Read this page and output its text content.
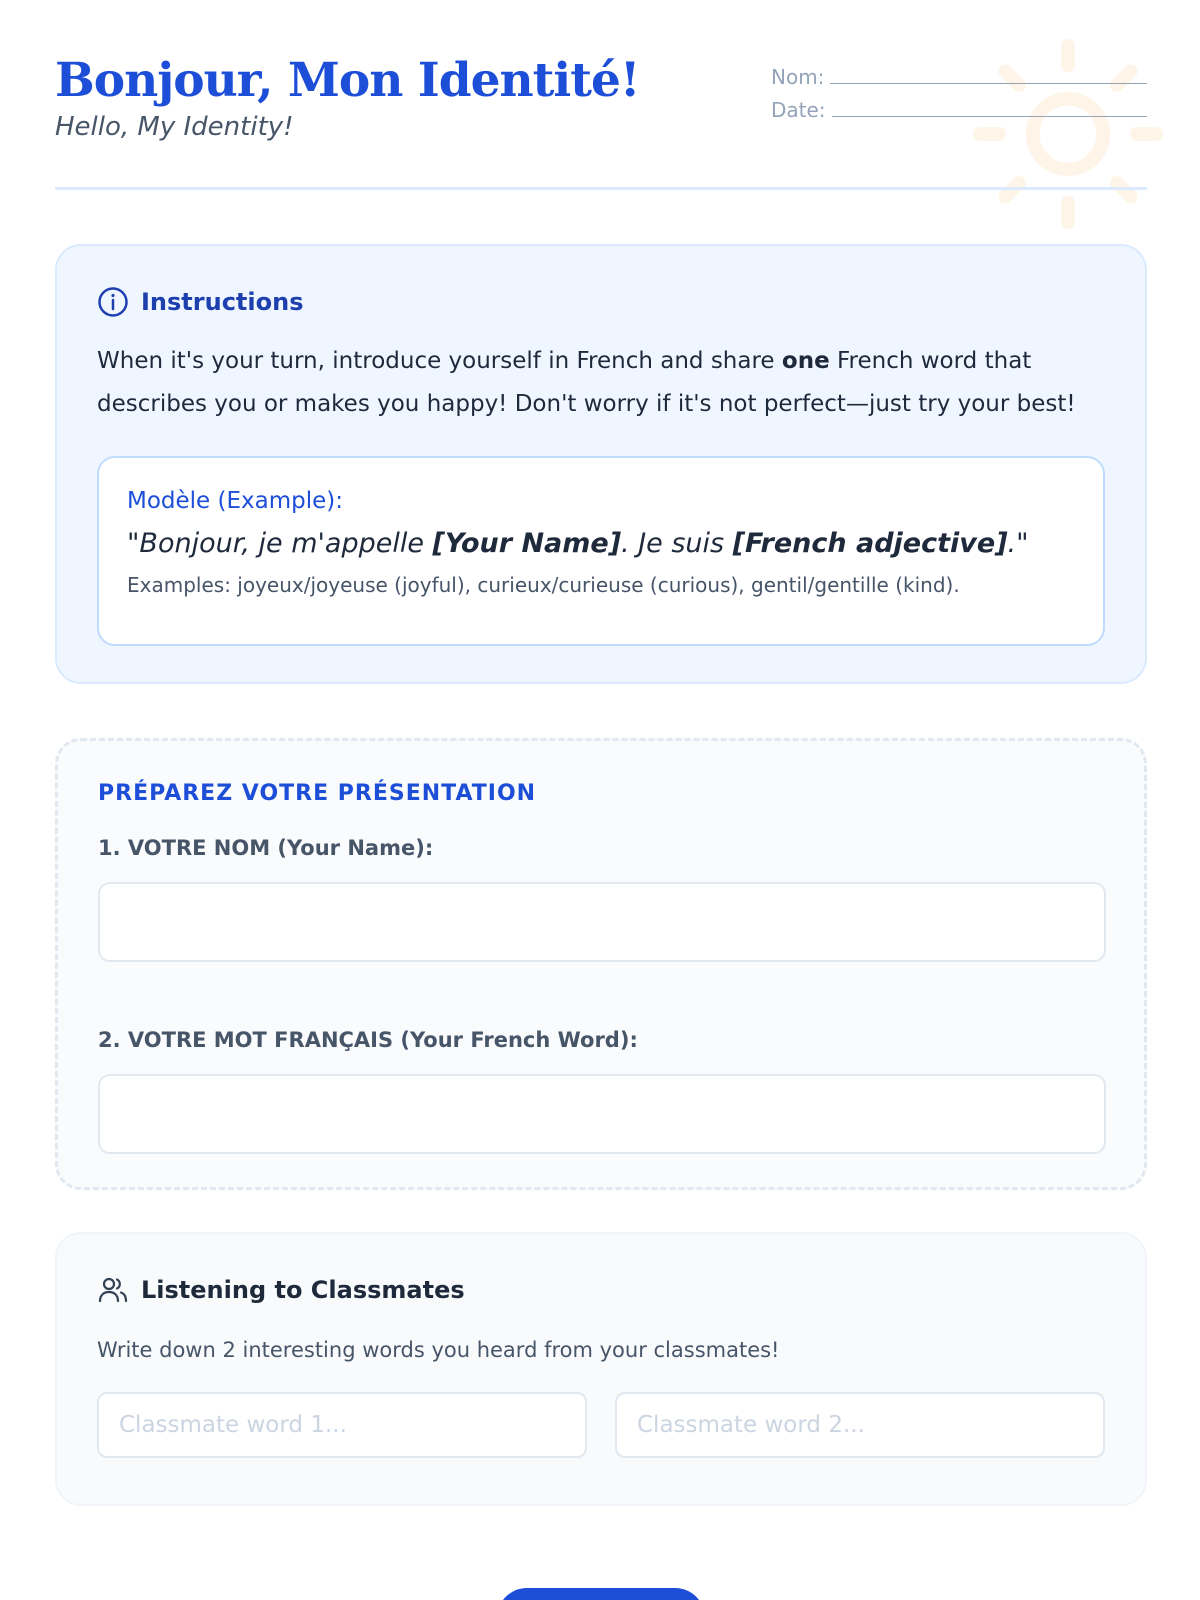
Bonjour, Mon Identité!
Hello, My Identity!
Nom:
Date:
Instructions

When it's your turn, introduce yourself in French and share one French word that describes you or makes you happy! Don't worry if it's not perfect—just try your best!

Modèle (Example):
"Bonjour, je m'appelle [Your Name]. Je suis [French adjective]."
Examples: joyeux/joyeuse (joyful), curieux/curieuse (curious), gentil/gentille (kind).
PRÉPAREZ VOTRE PRÉSENTATION
1. VOTRE NOM (Your Name):
2. VOTRE MOT FRANÇAIS (Your French Word):
Listening to Classmates
Write down 2 interesting words you heard from your classmates!
Classmate word 1...
Classmate word 2...
